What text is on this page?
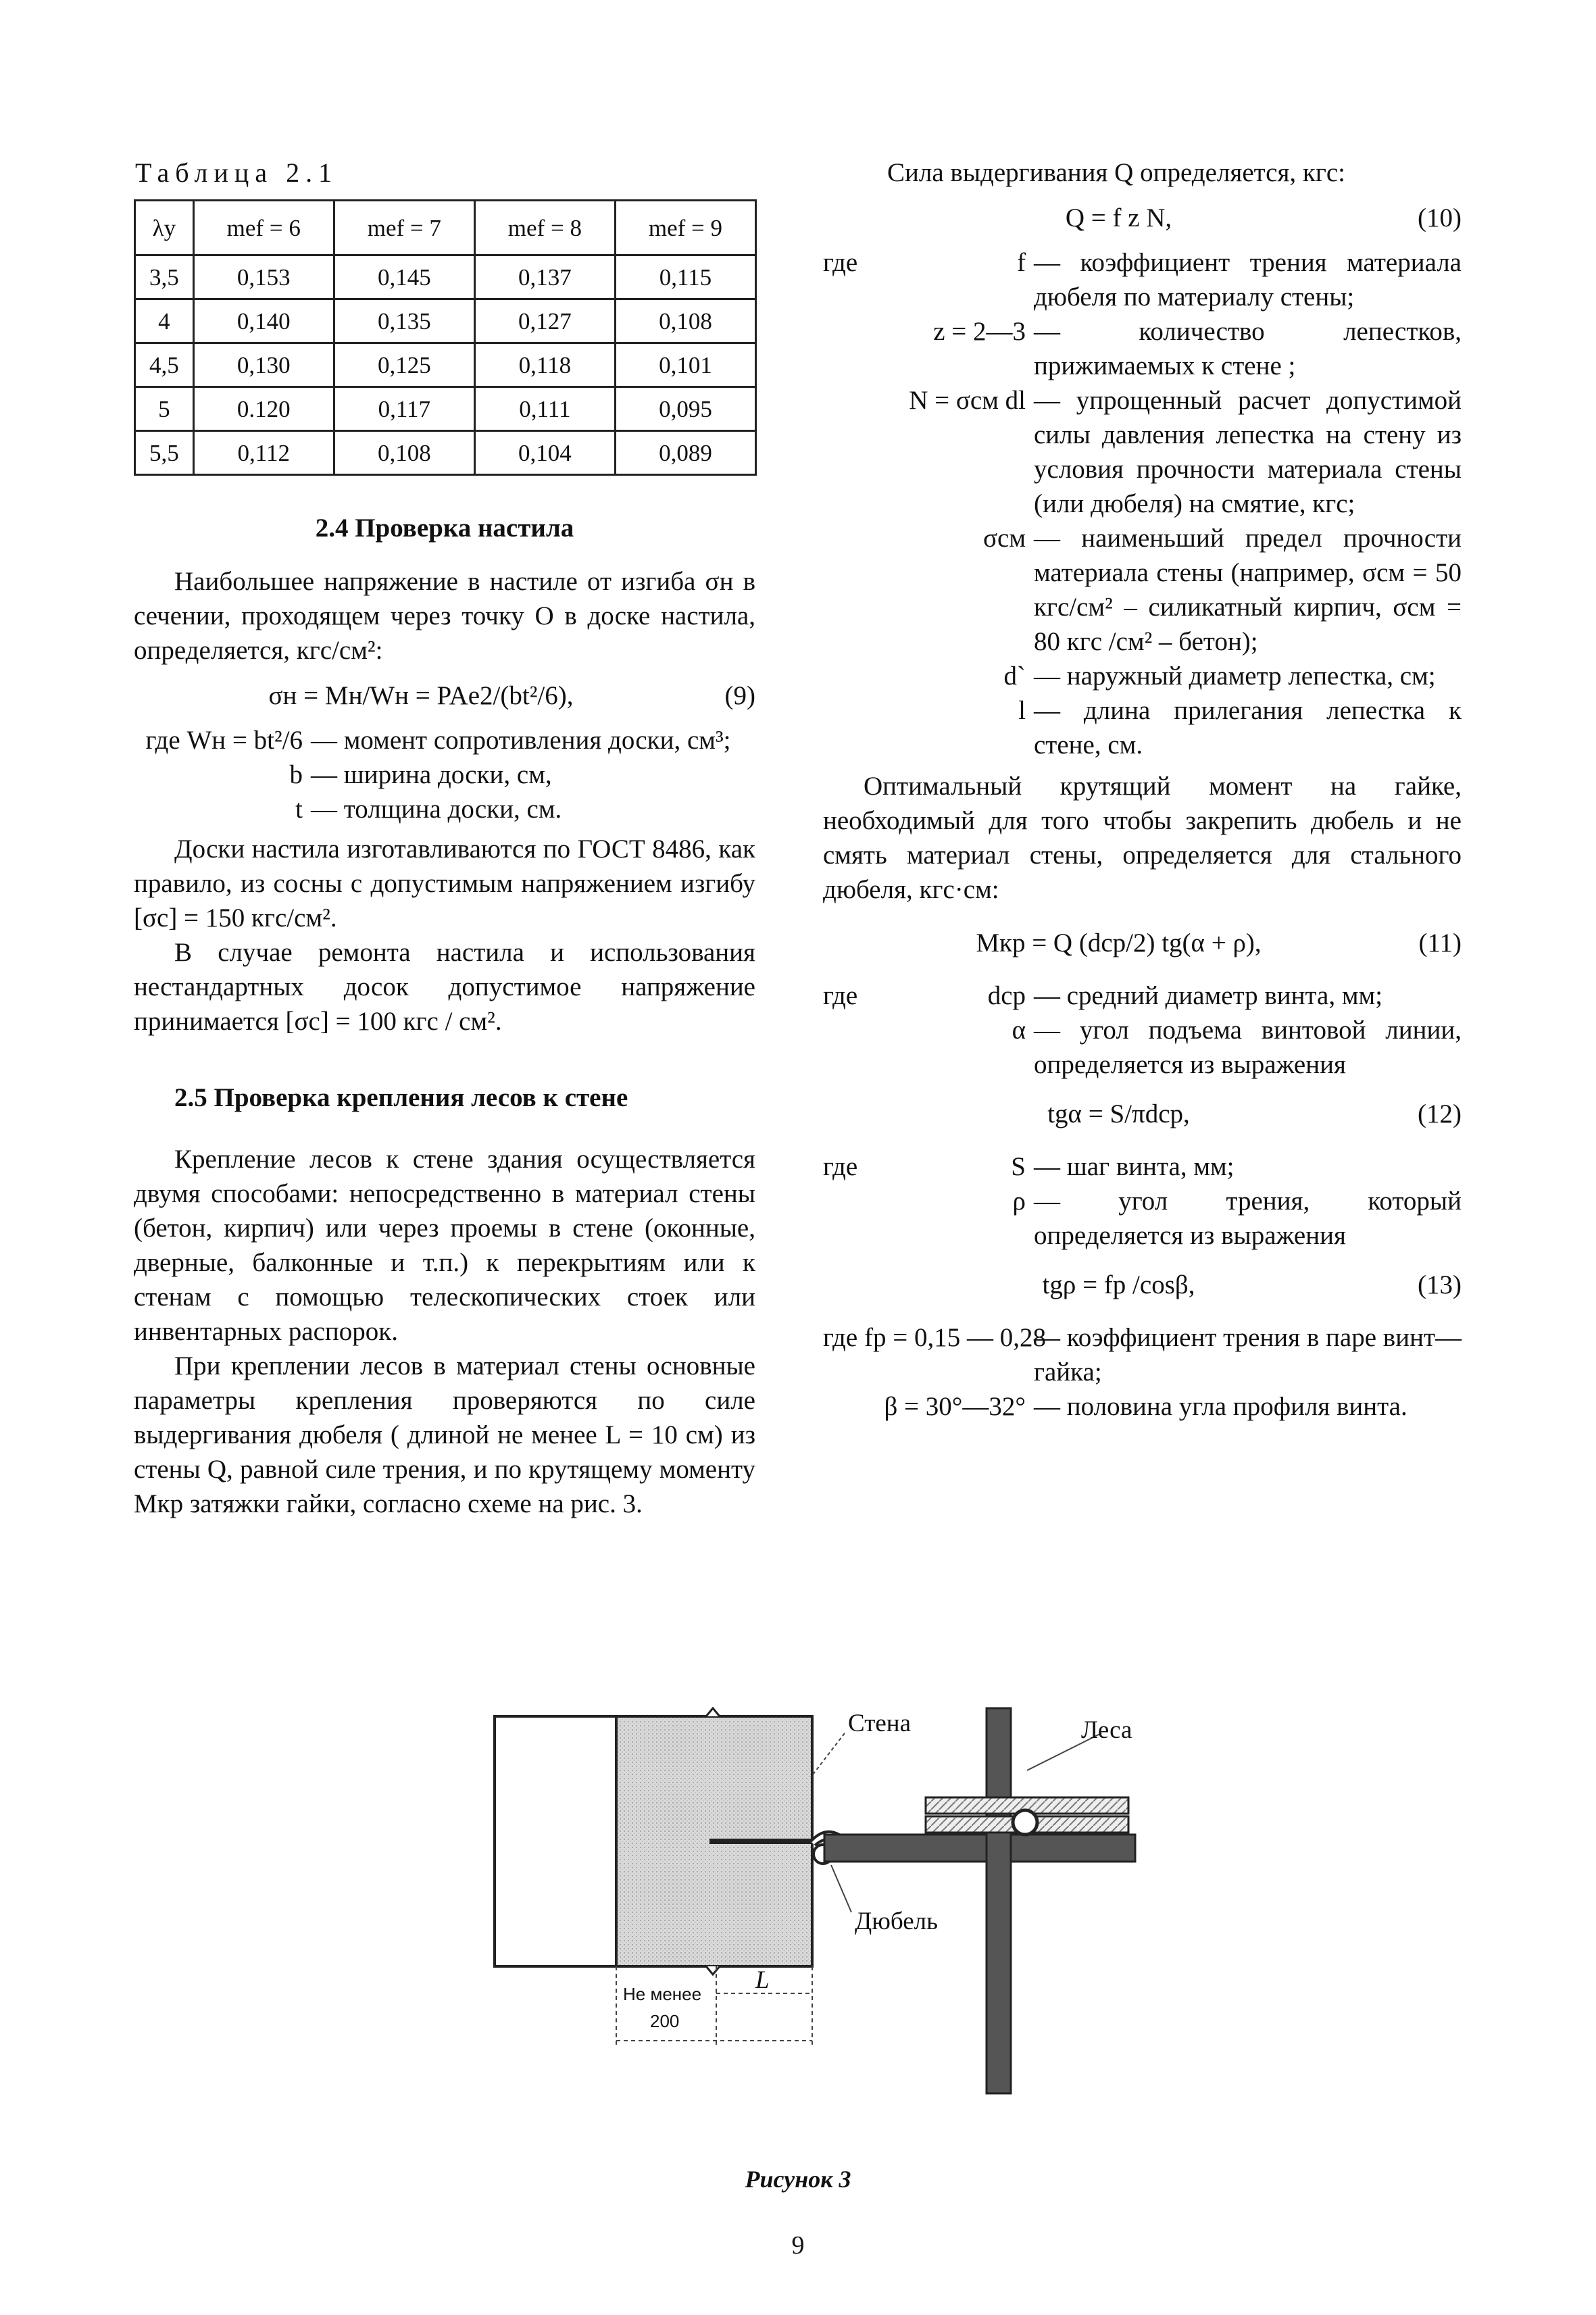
Таблица 2.1
λу	mef = 6	mef = 7	mef = 8	mef = 9
3,5	0,153	0,145	0,137	0,115
4	0,140	0,135	0,127	0,108
4,5	0,130	0,125	0,118	0,101
5	0.120	0,117	0,111	0,095
5,5	0,112	0,108	0,104	0,089
2.4 Проверка настила

Наибольшее напряжение в настиле от изгиба σн в сечении, проходящем через точку О в доске настила, определяется, кгс/см²:

σн = Mн/Wн = PAe2/(bt²/6),	(9)
где Wн = bt²/6 — момент сопротивления доски, см³;
b — ширина доски, см,
t — толщина доски, см.

Доски настила изготавливаются по ГОСТ 8486, как правило, из сосны с допустимым напряжением изгибу [σс] = 150 кгс/см².

В случае ремонта настила и использования нестандартных досок допустимое напряжение принимается [σс] = 100 кгс / см².

2.5 Проверка крепления лесов к стене

Крепление лесов к стене здания осуществляется двумя способами: непосредственно в материал стены (бетон, кирпич) или через проемы в стене (оконные, дверные, балконные и т.п.) к перекрытиям или к стенам с помощью телескопических стоек или инвентарных распорок.

При креплении лесов в материал стены основные параметры крепления проверяются по силе выдергивания дюбеля ( длиной не менее L = 10 см) из стены Q, равной силе трения, и по крутящему моменту Mкр затяжки гайки, согласно схеме на рис. 3.

Сила выдергивания Q определяется, кгс:

Q = f z N,	(10)
где	f — коэффициент трения материала дюбеля по материалу стены;
z = 2—3 — количество лепестков, прижимаемых к стене ;
N = σсм dl — упрощенный расчет допустимой силы давления лепестка на стену из условия прочности материала стены (или дюбеля) на смятие, кгс;
σсм — наименьший предел прочности материала стены (например, σсм = 50 кгс/см² – силикатный кирпич, σсм = 80 кгс /см² – бетон);
d` — наружный диаметр лепестка, см;
l — длина прилегания лепестка к стене, см.

Оптимальный крутящий момент на гайке, необходимый для того чтобы закрепить дюбель и не смять материал стены, определяется для стального дюбеля, кгс·см:

Mкр = Q (dср/2) tg(α + ρ),	(11)
где	dср — средний диаметр винта, мм;
α — угол подъема винтовой линии, определяется из выражения
tgα = S/πdср,	(12)
где	S — шаг винта, мм;
ρ — угол трения, который определяется из выражения
tgρ = fp /cosβ,	(13)
где fp = 0,15 — 0,28
— коэффициент трения в паре винт—гайка;
β = 30°—32° — половина угла профиля винта.
Стена	Леса
Дюбель
Не менее
200
L
Рисунок 3
9
